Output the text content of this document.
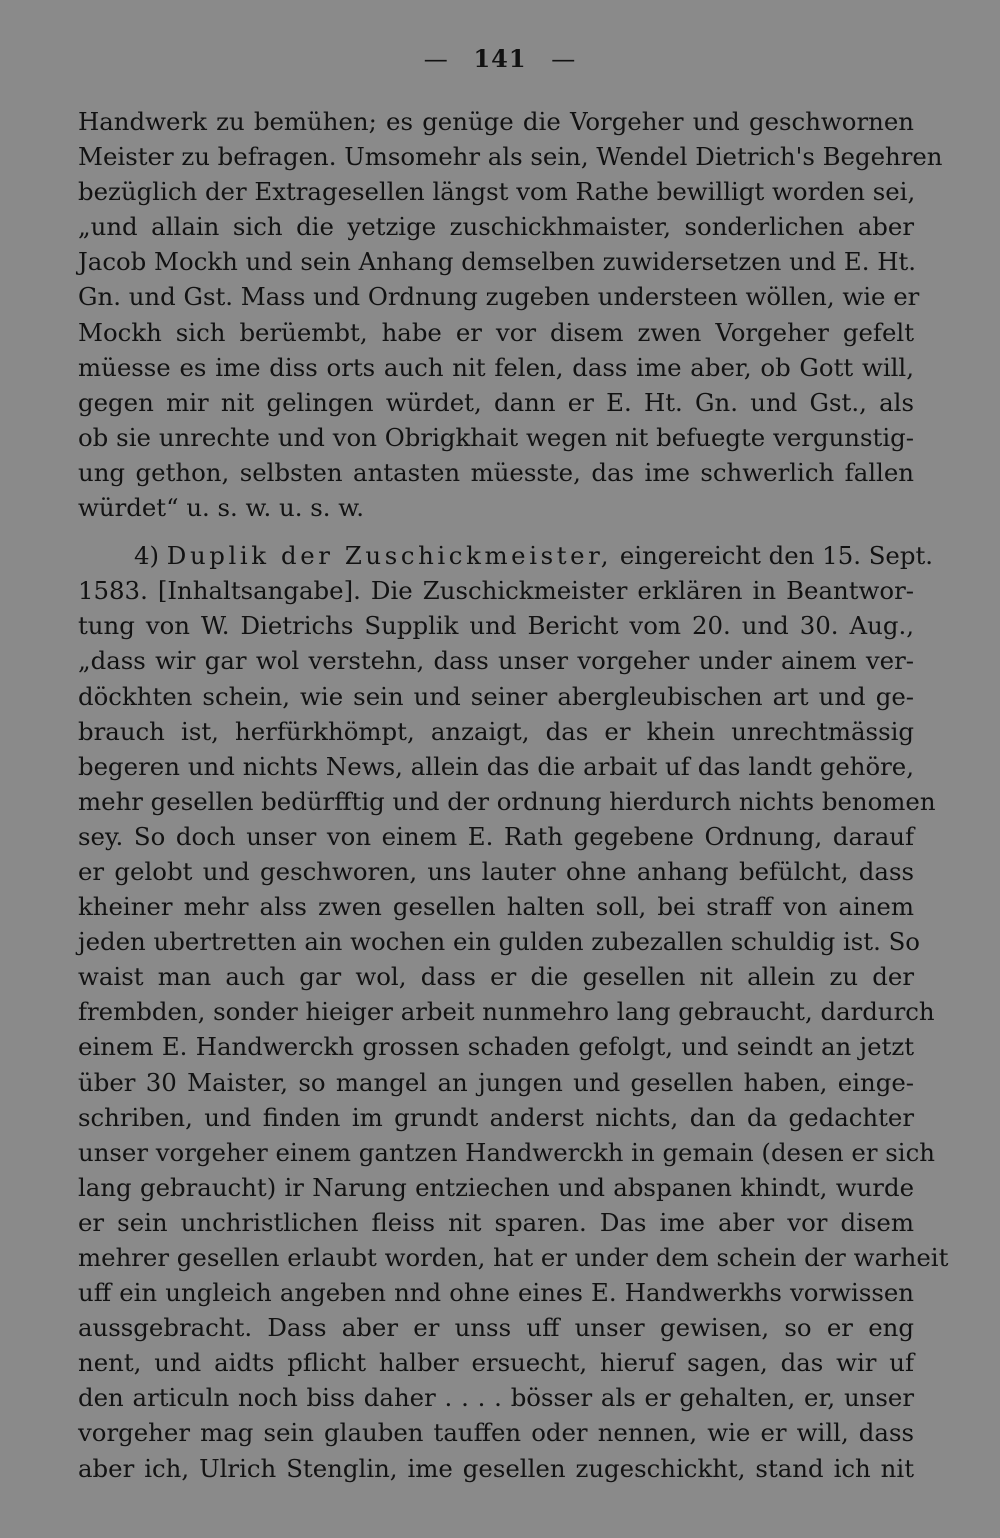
— 141 —
Handwerk zu bemühen; es genüge die Vorgeher und geschwornen
Meister zu befragen. Umsomehr als sein, Wendel Dietrich's Begehren
bezüglich der Extragesellen längst vom Rathe bewilligt worden sei,
„und allain sich die yetzige zuschickhmaister, sonderlichen aber
Jacob Mockh und sein Anhang demselben zuwidersetzen und E. Ht.
Gn. und Gst. Mass und Ordnung zugeben understeen wöllen, wie er
Mockh sich berüembt, habe er vor disem zwen Vorgeher gefelt
müesse es ime diss orts auch nit felen, dass ime aber, ob Gott will,
gegen mir nit gelingen würdet, dann er E. Ht. Gn. und Gst., als
ob sie unrechte und von Obrigkhait wegen nit befuegte vergunstig-
ung gethon, selbsten antasten müesste, das ime schwerlich fallen
würdet“ u. s. w. u. s. w.
4) Duplik der Zuschickmeister, eingereicht den 15. Sept.
1583. [Inhaltsangabe]. Die Zuschickmeister erklären in Beantwor-
tung von W. Dietrichs Supplik und Bericht vom 20. und 30. Aug.,
„dass wir gar wol verstehn, dass unser vorgeher under ainem ver-
döckhten schein, wie sein und seiner abergleubischen art und ge-
brauch ist, herfürkhömpt, anzaigt, das er khein unrechtmässig
begeren und nichts News, allein das die arbait uf das landt gehöre,
mehr gesellen bedürfftig und der ordnung hierdurch nichts benomen
sey. So doch unser von einem E. Rath gegebene Ordnung, darauf
er gelobt und geschworen, uns lauter ohne anhang befülcht, dass
kheiner mehr alss zwen gesellen halten soll, bei straff von ainem
jeden ubertretten ain wochen ein gulden zubezallen schuldig ist. So
waist man auch gar wol, dass er die gesellen nit allein zu der
frembden, sonder hieiger arbeit nunmehro lang gebraucht, dardurch
einem E. Handwerckh grossen schaden gefolgt, und seindt an jetzt
über 30 Maister, so mangel an jungen und gesellen haben, einge-
schriben, und finden im grundt anderst nichts, dan da gedachter
unser vorgeher einem gantzen Handwerckh in gemain (desen er sich
lang gebraucht) ir Narung entziechen und abspanen khindt, wurde
er sein unchristlichen fleiss nit sparen. Das ime aber vor disem
mehrer gesellen erlaubt worden, hat er under dem schein der warheit
uff ein ungleich angeben nnd ohne eines E. Handwerkhs vorwissen
aussgebracht. Dass aber er unss uff unser gewisen, so er eng
nent, und aidts pflicht halber ersuecht, hieruf sagen, das wir uf
den articuln noch biss daher . . . . bösser als er gehalten, er, unser
vorgeher mag sein glauben tauffen oder nennen, wie er will, dass
aber ich, Ulrich Stenglin, ime gesellen zugeschickht, stand ich nit
